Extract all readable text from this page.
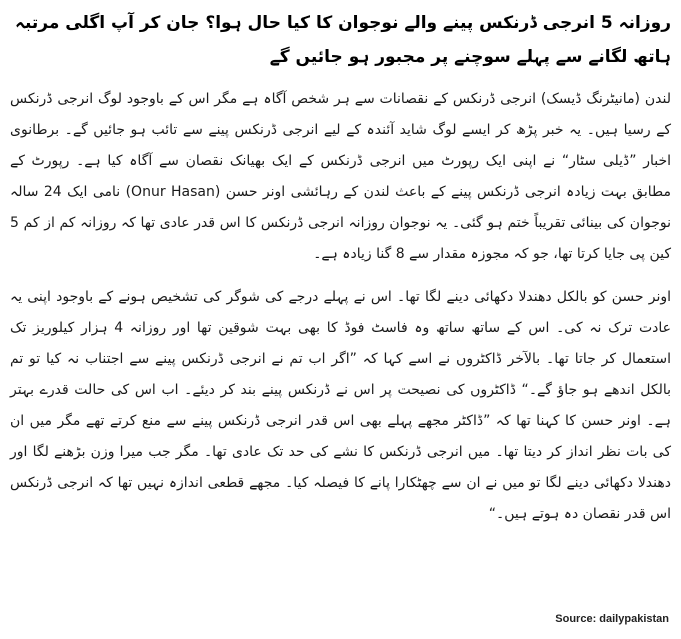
روزانہ 5 انرجی ڈرنکس پینے والے نوجوان کا کیا حال ہوا؟ جان کر آپ اگلی مرتبہ ہاتھ لگانے سے پہلے سوچنے پر مجبور ہو جائیں گے

لندن (مانیٹرنگ ڈیسک) انرجی ڈرنکس کے نقصانات سے ہر شخص آگاہ ہے مگر اس کے باوجود لوگ انرجی ڈرنکس کے رسیا ہیں۔ یہ خبر پڑھ کر ایسے لوگ شاید آئندہ کے لیے انرجی ڈرنکس پینے سے تائب ہو جائیں گے۔ برطانوی اخبار ”ڈیلی سٹار“ نے اپنی ایک رپورٹ میں انرجی ڈرنکس کے ایک بھیانک نقصان سے آگاہ کیا ہے۔ رپورٹ کے مطابق بہت زیادہ انرجی ڈرنکس پینے کے باعث لندن کے رہائشی اونر حسن (Onur Hasan) نامی ایک 24 سالہ نوجوان کی بینائی تقریباً ختم ہو گئی۔ یہ نوجوان روزانہ انرجی ڈرنکس کا اس قدر عادی تھا کہ روزانہ کم از کم 5 کین پی جایا کرتا تھا، جو کہ مجوزہ مقدار سے 8 گنا زیادہ ہے۔

اونر حسن کو بالکل دھندلا دکھائی دینے لگا تھا۔ اس نے پہلے درجے کی شوگر کی تشخیص ہونے کے باوجود اپنی یہ عادت ترک نہ کی۔ اس کے ساتھ ساتھ وہ فاسٹ فوڈ کا بھی بہت شوقین تھا اور روزانہ 4 ہزار کیلوریز تک استعمال کر جاتا تھا۔ بالآخر ڈاکٹروں نے اسے کہا کہ ”اگر اب تم نے انرجی ڈرنکس پینے سے اجتناب نہ کیا تو تم بالکل اندھے ہو جاؤ گے۔“ ڈاکٹروں کی نصیحت پر اس نے ڈرنکس پینے بند کر دیئے۔ اب اس کی حالت قدرے بہتر ہے۔ اونر حسن کا کہنا تھا کہ ”ڈاکٹر مجھے پہلے بھی اس قدر انرجی ڈرنکس پینے سے منع کرتے تھے مگر میں ان کی بات نظر انداز کر دیتا تھا۔ میں انرجی ڈرنکس کا نشے کی حد تک عادی تھا۔ مگر جب میرا وزن بڑھنے لگا اور دھندلا دکھائی دینے لگا تو میں نے ان سے چھٹکارا پانے کا فیصلہ کیا۔ مجھے قطعی اندازہ نہیں تھا کہ انرجی ڈرنکس اس قدر نقصان دہ ہوتے ہیں۔“

Source: dailypakistan
